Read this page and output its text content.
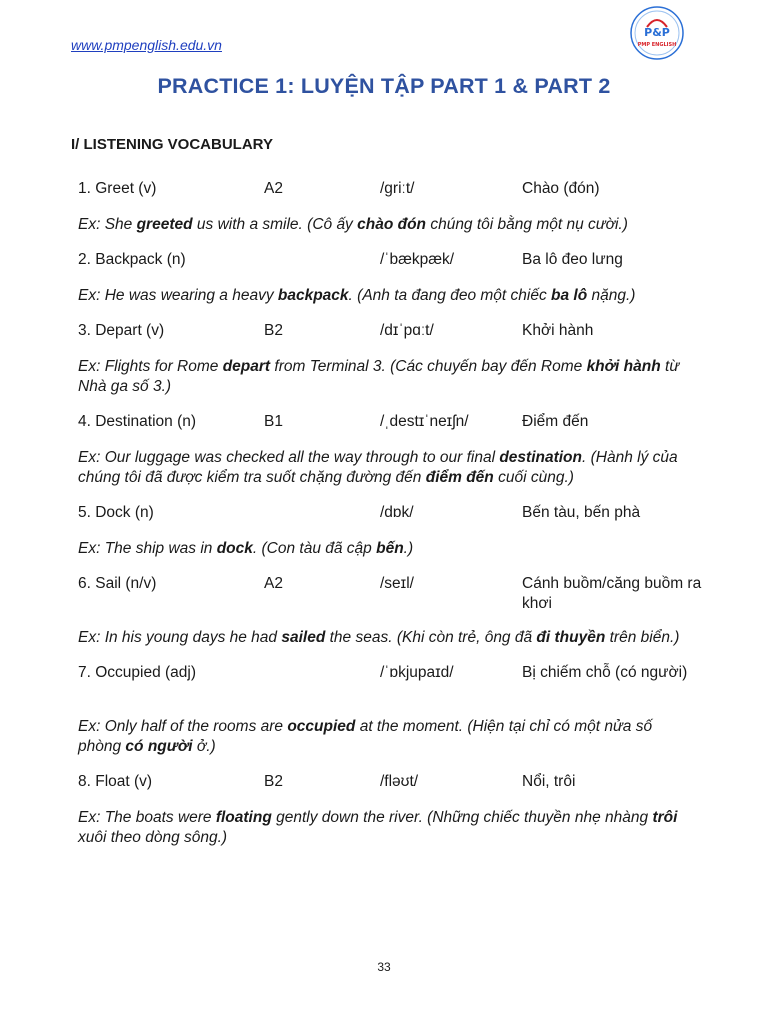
www.pmpenglish.edu.vn
P&P
PMP ENGLISH
PRACTICE 1: LUYỆN TẬP PART 1 & PART 2
I/ LISTENING VOCABULARY
1. Greet (v)	A2	/ɡriːt/	Chào (đón)
Ex: She greeted us with a smile. (Cô ấy chào đón chúng tôi bằng một nụ cười.)
2. Backpack (n)	/ˈbækpæk/	Ba lô đeo lưng
Ex: He was wearing a heavy backpack. (Anh ta đang đeo một chiếc ba lô nặng.)
3. Depart (v)	B2	/dɪˈpɑːt/	Khởi hành
Ex: Flights for Rome depart from Terminal 3. (Các chuyến bay đến Rome khởi hành từ Nhà ga số 3.)
4. Destination (n)	B1	/ˌdestɪˈneɪʃn/	Điểm đến
Ex: Our luggage was checked all the way through to our final destination. (Hành lý của chúng tôi đã được kiểm tra suốt chặng đường đến điểm đến cuối cùng.)
5. Dock (n)	/dɒk/	Bến tàu, bến phà
Ex: The ship was in dock. (Con tàu đã cập bến.)
6. Sail (n/v)	A2	/seɪl/	Cánh buồm/căng buồm ra khơi
Ex: In his young days he had sailed the seas. (Khi còn trẻ, ông đã đi thuyền trên biển.)
7. Occupied (adj)	/ˈɒkjupaɪd/	Bị chiếm chỗ (có người)
Ex: Only half of the rooms are occupied at the moment. (Hiện tại chỉ có một nửa số phòng có người ở.)
8. Float (v)	B2	/fləʊt/	Nổi, trôi
Ex: The boats were floating gently down the river. (Những chiếc thuyền nhẹ nhàng trôi xuôi theo dòng sông.)
33
